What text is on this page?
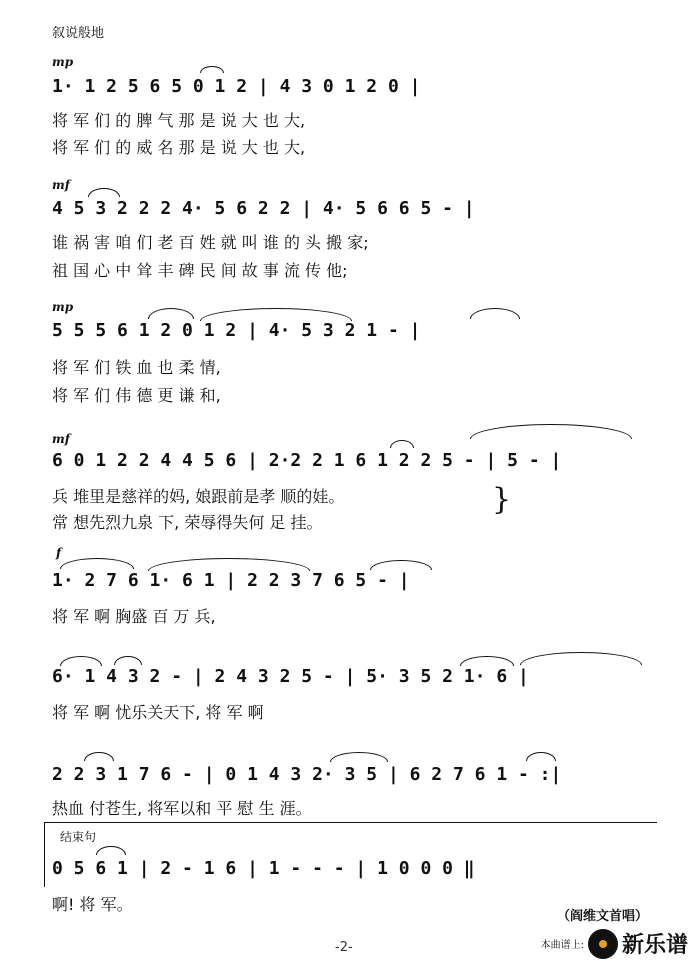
叙说般地
mp
1· 1 2 5 6 5 0 1 2 | 4 3 0 1 2 0 |
将 军 们 的 脾 气 那 是 说 大 也 大,
将 军 们 的 威 名 那 是 说 大 也 大,
mf
4 5 3 2 2 2 4· 5 6 2 2 | 4· 5 6 6 5 - |
谁 祸 害 咱 们 老 百 姓 就 叫 谁 的 头 搬 家;
祖 国 心 中 耸 丰 碑 民 间 故 事 流 传 他;
mp
5 5 5 6 1 2 0 1 2 | 4· 5 3 2 1 - |
将 军 们 铁 血 也 柔 情,
将 军 们 伟 德 更 谦 和,
mf
6 0 1 2 2 4 4 5 6 | 2·2 2 1 6 1 2 2 5 - | 5 - |
兵 堆里是慈祥的妈, 娘跟前是孝 顺的娃。
常 想先烈九泉 下, 荣辱得失何 足 挂。
}
f
1· 2 7 6 1· 6 1 | 2 2 3 7 6 5 - |
将 军 啊 胸盛 百 万 兵,
6· 1 4 3 2 - | 2 4 3 2 5 - | 5· 3 5 2 1· 6 |
将 军 啊 忧乐关天下, 将 军 啊
2 2 3 1 7 6 - | 0 1 4 3 2· 3 5 | 6 2 7 6 1 - :|
热血 付苍生, 将军以和 平 慰 生 涯。
结束句
0 5 6 1 | 2 - 1 6 | 1 - - - | 1 0 0 0 ‖
啊! 将 军。
（阎维文首唱）
-2-	本曲谱上: 新乐谱
